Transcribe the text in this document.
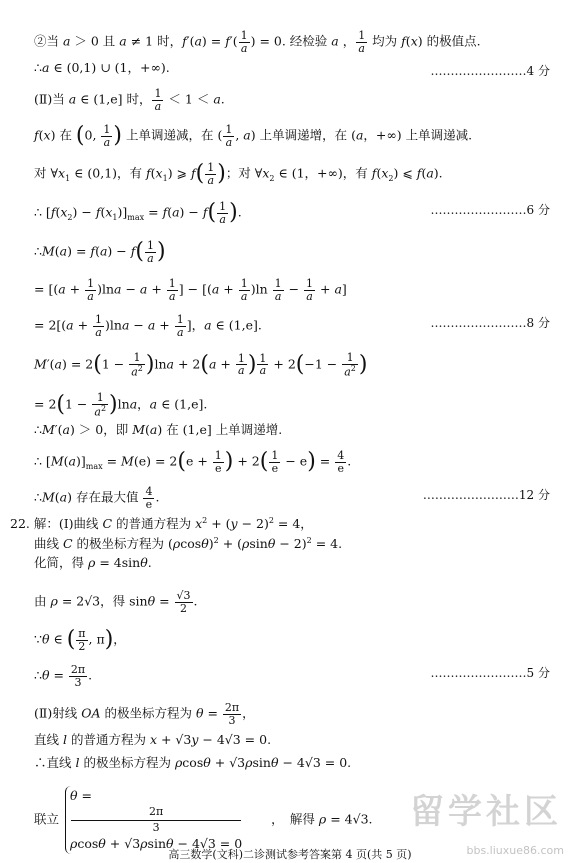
②当 a ＞ 0 且 a ≠ 1 时，$f'(a) = f'( \frac{1}{a}$ ) = 0. 经检验 a ， $\frac{1}{a}$ 均为 f(x) 的极值点.
∴a ∈ (0,1) ∪ (1，+∞).	……………………4 分
(Ⅱ)当 a ∈ (1,e] 时， $\frac{1}{a} < 1 < a$.
f(x) 在 (0, $\frac{1}{a}$ ) 上单调递减，在 ( $\frac{1}{a}$ , a) 上单调递增，在 (a，+∞) 上单调递减.
对 $\forall x_1$ ∈ (0,1)，有 $f(x_1)$ ⩾ $f( \frac{1}{a}$ )；对 $\forall x_2$ ∈ (1，+∞)，有 $f(x_2)$ ⩽ f(a).
∴ $[f(x_2) - f(x_1)]_{max} = f(a) - f( \frac{1}{a}$ ).	……………………6 分
∴M(a) = $f(a) - f( \frac{1}{a}$ )
= [$(a + \frac{1}{a} )\ln a - a + \frac{1}{a}$ ] − $[(a + \frac{1}{a} )\ln \frac{1}{a} - \frac{1}{a} + a]$
= $2[(a + \frac{1}{a} )\ln a - a + \frac{1}{a}$ ]，a ∈ (1,e].	……………………8 分
$M'(a) = 2(1 - \frac{1}{a^2} )\ln a + 2(a + \frac{1}{a}$ ) $\frac{1}{a} + 2(-1 - \frac{1}{a^2}$ )
= $2(1 - \frac{1}{a^2} )\ln a$，a ∈ (1,e].
∴M′(a) ＞ 0，即 M(a) 在 (1,e] 上单调递增.
∴ $[M(a)]_{max} = M(e) = 2(e + \frac{1}{e}$ ) + $2( \frac{1}{e} - e) = \frac{4}{e}$ .
∴M(a) 存在最大值 $\frac{4}{e}$ .	……………………12 分
22. 解：(Ⅰ)曲线 C 的普通方程为 $x^2 + (y - 2)^2 = 4$，
曲线 C 的极坐标方程为 $(\rho\cos\theta)^2 + (\rho\sin\theta - 2)^2 = 4$.
化简，得 ρ = 4sinθ.
由 ρ = 2√3，得 $\sin\theta = \frac{√3}{2}$ .
∵θ ∈ ( $\frac{\pi}{2}$ , π)，
∴θ = $\frac{2\pi}{3}$ .	……………………5 分
(Ⅱ)射线 OA 的极坐标方程为 $\theta = \frac{2\pi}{3}$ ，
直线 l 的普通方程为 x + √3y − 4√3 = 0.
∴直线 l 的极坐标方程为 ρcosθ + √3ρsinθ − 4√3 = 0.
联立
θ =
2π
3
ρcosθ + √3ρsinθ − 4√3 = 0
　　，　解得 ρ = 4√3.
高三数学(文科)二诊测试参考答案第 4 页(共 5 页)
留学社区
bbs.liuxue86.com
